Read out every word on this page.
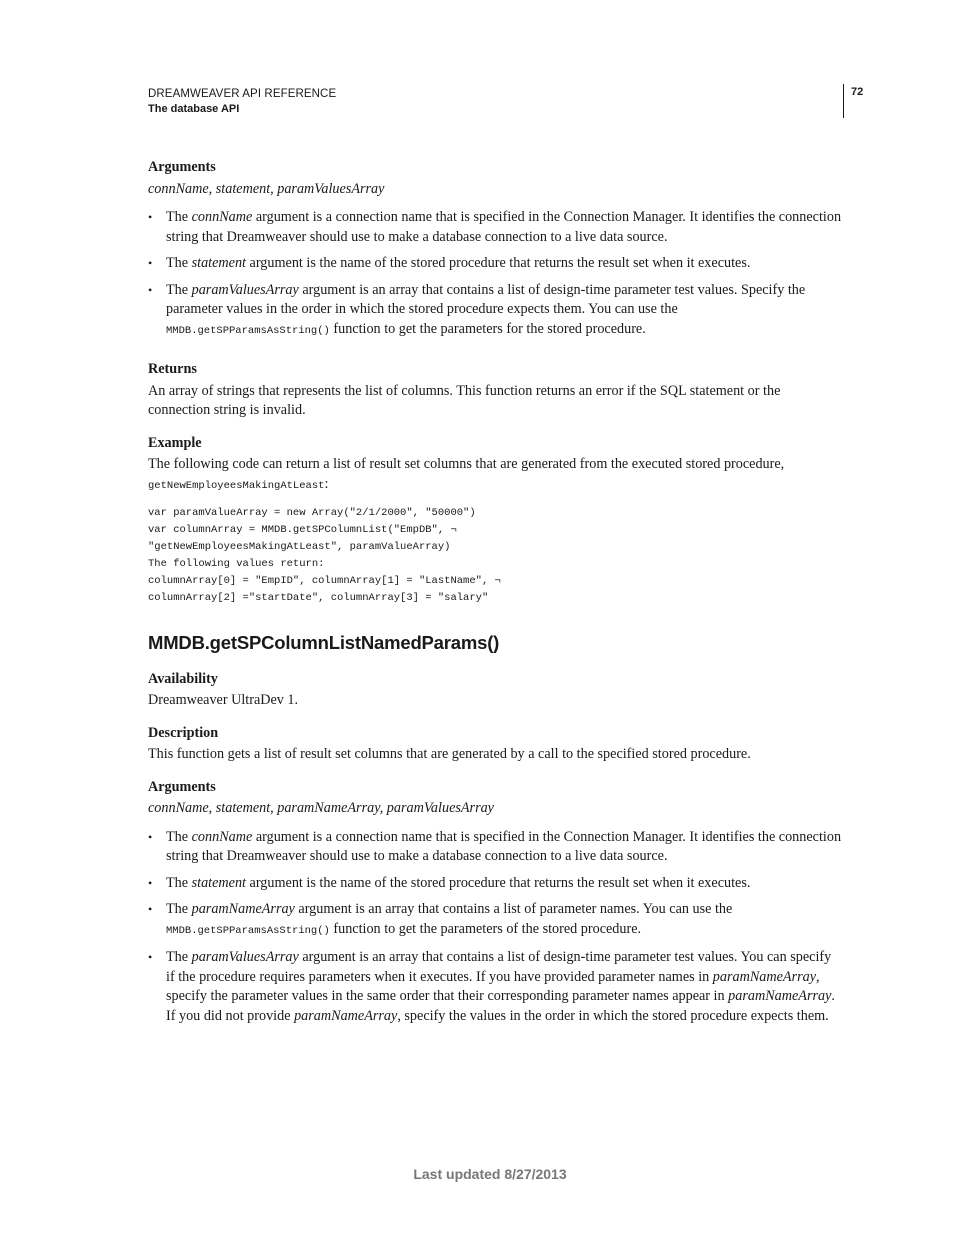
DREAMWEAVER API REFERENCE
The database API
72

Arguments

connName, statement, paramValuesArray

• The connName argument is a connection name that is specified in the Connection Manager. It identifies the connection string that Dreamweaver should use to make a database connection to a live data source.
• The statement argument is the name of the stored procedure that returns the result set when it executes.
• The paramValuesArray argument is an array that contains a list of design-time parameter test values. Specify the parameter values in the order in which the stored procedure expects them. You can use the MMDB.getSPParamsAsString() function to get the parameters for the stored procedure.

Returns

An array of strings that represents the list of columns. This function returns an error if the SQL statement or the connection string is invalid.

Example

The following code can return a list of result set columns that are generated from the executed stored procedure,
getNewEmployeesMakingAtLeast:

var paramValueArray = new Array("2/1/2000", "50000")
var columnArray = MMDB.getSPColumnList("EmpDB", ¬
"getNewEmployeesMakingAtLeast", paramValueArray)
The following values return:
columnArray[0] = "EmpID", columnArray[1] = "LastName", ¬
columnArray[2] ="startDate", columnArray[3] = "salary"

MMDB.getSPColumnListNamedParams()

Availability

Dreamweaver UltraDev 1.

Description

This function gets a list of result set columns that are generated by a call to the specified stored procedure.

Arguments

connName, statement, paramNameArray, paramValuesArray

• The connName argument is a connection name that is specified in the Connection Manager. It identifies the connection string that Dreamweaver should use to make a database connection to a live data source.
• The statement argument is the name of the stored procedure that returns the result set when it executes.
• The paramNameArray argument is an array that contains a list of parameter names. You can use the MMDB.getSPParamsAsString() function to get the parameters of the stored procedure.
• The paramValuesArray argument is an array that contains a list of design-time parameter test values. You can specify if the procedure requires parameters when it executes. If you have provided parameter names in paramNameArray, specify the parameter values in the same order that their corresponding parameter names appear in paramNameArray. If you did not provide paramNameArray, specify the values in the order in which the stored procedure expects them.
Last updated 8/27/2013
